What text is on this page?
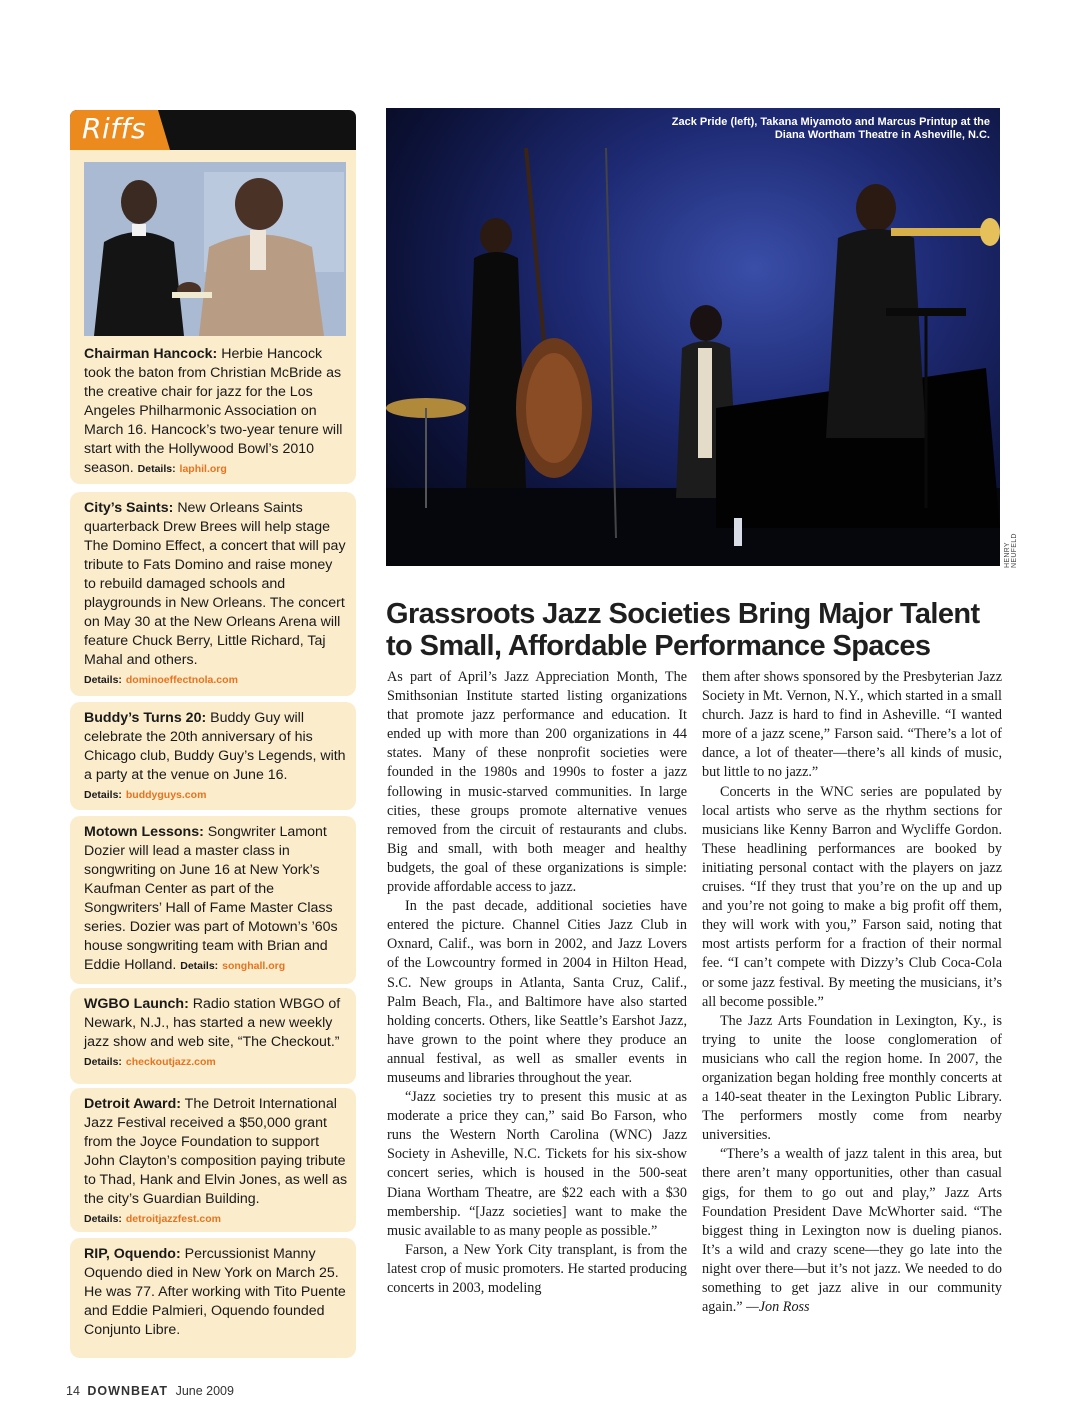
Riffs
Chairman Hancock: Herbie Hancock took the baton from Christian McBride as the creative chair for jazz for the Los Angeles Philharmonic Association on March 16. Hancock’s two-year tenure will start with the Hollywood Bowl’s 2010 season. Details: laphil.org
City’s Saints: New Orleans Saints quarterback Drew Brees will help stage The Domino Effect, a concert that will pay tribute to Fats Domino and raise money to rebuild damaged schools and playgrounds in New Orleans. The concert on May 30 at the New Orleans Arena will feature Chuck Berry, Little Richard, Taj Mahal and others.
Details: dominoeffectnola.com
Buddy’s Turns 20: Buddy Guy will celebrate the 20th anniversary of his Chicago club, Buddy Guy’s Legends, with a party at the venue on June 16.
Details: buddyguys.com
Motown Lessons: Songwriter Lamont Dozier will lead a master class in songwriting on June 16 at New York’s Kaufman Center as part of the Songwriters’ Hall of Fame Master Class series. Dozier was part of Motown’s ’60s house songwriting team with Brian and Eddie Holland. Details: songhall.org
WGBO Launch: Radio station WBGO of Newark, N.J., has started a new weekly jazz show and web site, “The Checkout.” Details: checkoutjazz.com
Detroit Award: The Detroit International Jazz Festival received a $50,000 grant from the Joyce Foundation to support John Clayton’s composition paying tribute to Thad, Hank and Elvin Jones, as well as the city’s Guardian Building.
Details: detroitjazzfest.com
RIP, Oquendo: Percussionist Manny Oquendo died in New York on March 25. He was 77. After working with Tito Puente and Eddie Palmieri, Oquendo founded Conjunto Libre.
Zack Pride (left), Takana Miyamoto and Marcus Printup at the Diana Wortham Theatre in Asheville, N.C.
HENRY NEUFELD
Grassroots Jazz Societies Bring Major Talent to Small, Affordable Performance Spaces

As part of April’s Jazz Appreciation Month, The Smithsonian Institute started listing organizations that promote jazz performance and education. It ended up with more than 200 organizations in 44 states. Many of these nonprofit societies were founded in the 1980s and 1990s to foster a jazz following in music-starved communities. In large cities, these groups promote alternative venues removed from the circuit of restaurants and clubs. Big and small, with both meager and healthy budgets, the goal of these organizations is simple: provide affordable access to jazz.

In the past decade, additional societies have entered the picture. Channel Cities Jazz Club in Oxnard, Calif., was born in 2002, and Jazz Lovers of the Lowcountry formed in 2004 in Hilton Head, S.C. New groups in Atlanta, Santa Cruz, Calif., Palm Beach, Fla., and Baltimore have also started holding concerts. Others, like Seattle’s Earshot Jazz, have grown to the point where they produce an annual festival, as well as smaller events in museums and libraries throughout the year.

“Jazz societies try to present this music at as moderate a price they can,” said Bo Farson, who runs the Western North Carolina (WNC) Jazz Society in Asheville, N.C. Tickets for his six-show concert series, which is housed in the 500-seat Diana Wortham Theatre, are $22 each with a $30 membership. “[Jazz societies] want to make the music available to as many people as possible.”

Farson, a New York City transplant, is from the latest crop of music promoters. He started producing concerts in 2003, modeling

them after shows sponsored by the Presbyterian Jazz Society in Mt. Vernon, N.Y., which started in a small church. Jazz is hard to find in Asheville. “I wanted more of a jazz scene,” Farson said. “There’s a lot of dance, a lot of theater—there’s all kinds of music, but little to no jazz.”

Concerts in the WNC series are populated by local artists who serve as the rhythm sections for musicians like Kenny Barron and Wycliffe Gordon. These headlining performances are booked by initiating personal contact with the players on jazz cruises. “If they trust that you’re on the up and up and you’re not going to make a big profit off them, they will work with you,” Farson said, noting that most artists perform for a fraction of their normal fee. “I can’t compete with Dizzy’s Club Coca-Cola or some jazz festival. By meeting the musicians, it’s all become possible.”

The Jazz Arts Foundation in Lexington, Ky., is trying to unite the loose conglomeration of musicians who call the region home. In 2007, the organization began holding free monthly concerts at a 140-seat theater in the Lexington Public Library. The performers mostly come from nearby universities.

“There’s a wealth of jazz talent in this area, but there aren’t many opportunities, other than casual gigs, for them to go out and play,” Jazz Arts Foundation President Dave McWhorter said. “The biggest thing in Lexington now is dueling pianos. It’s a wild and crazy scene—they go late into the night over there—but it’s not jazz. We needed to do something to get jazz alive in our community again.” —Jon Ross

14 DOWNBEAT June 2009
